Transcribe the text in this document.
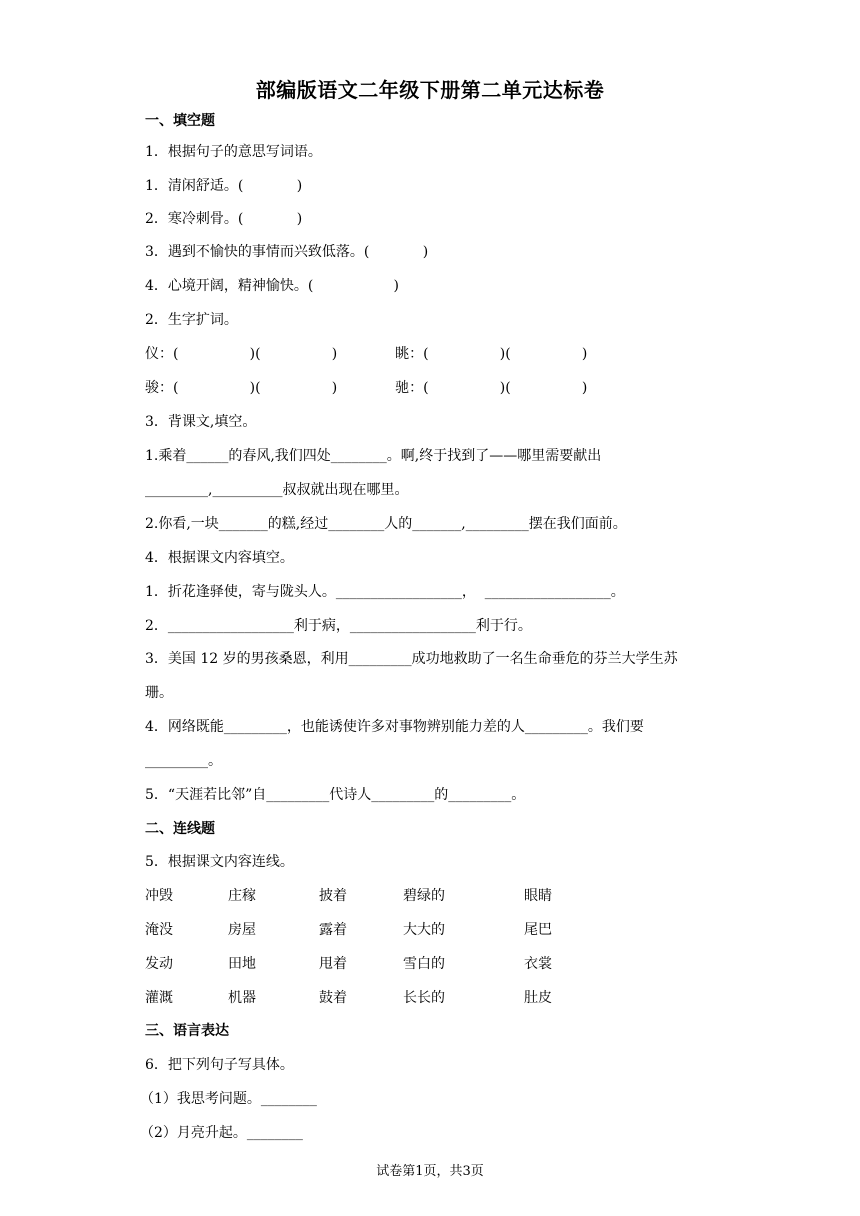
部编版语文二年级下册第二单元达标卷
一、填空题
1．根据句子的意思写词语。
1．清闲舒适。(            )
2．寒冷刺骨。(            )
3．遇到不愉快的事情而兴致低落。(            )
4．心境开阔，精神愉快。(                  )
2．生字扩词。
仪：(                )(                )             眺：(                )(                )
骏：(                )(                )             驰：(                )(                )
3．背课文,填空。
1.乘着______的春风,我们四处________。啊,终于找到了——哪里需要献出
_________,__________叔叔就出现在哪里。
2.你看,一块_______的糕,经过________人的_______,_________摆在我们面前。
4．根据课文内容填空。
1．折花逢驿使，寄与陇头人。__________________，  __________________。
2．__________________利于病，__________________利于行。
3．美国 12 岁的男孩桑恩，利用_________成功地救助了一名生命垂危的芬兰大学生苏
珊。
4．网络既能_________，也能诱使许多对事物辨别能力差的人_________。我们要
_________。
5．“天涯若比邻”自_________代诗人_________的_________。
二、连线题
5．根据课文内容连线。
冲毁	庄稼	披着	碧绿的	眼睛
淹没	房屋	露着	大大的	尾巴
发动	田地	甩着	雪白的	衣裳
灌溉	机器	鼓着	长长的	肚皮
三、语言表达
6．把下列句子写具体。
（1）我思考问题。________
（2）月亮升起。________
试卷第1页，共3页
